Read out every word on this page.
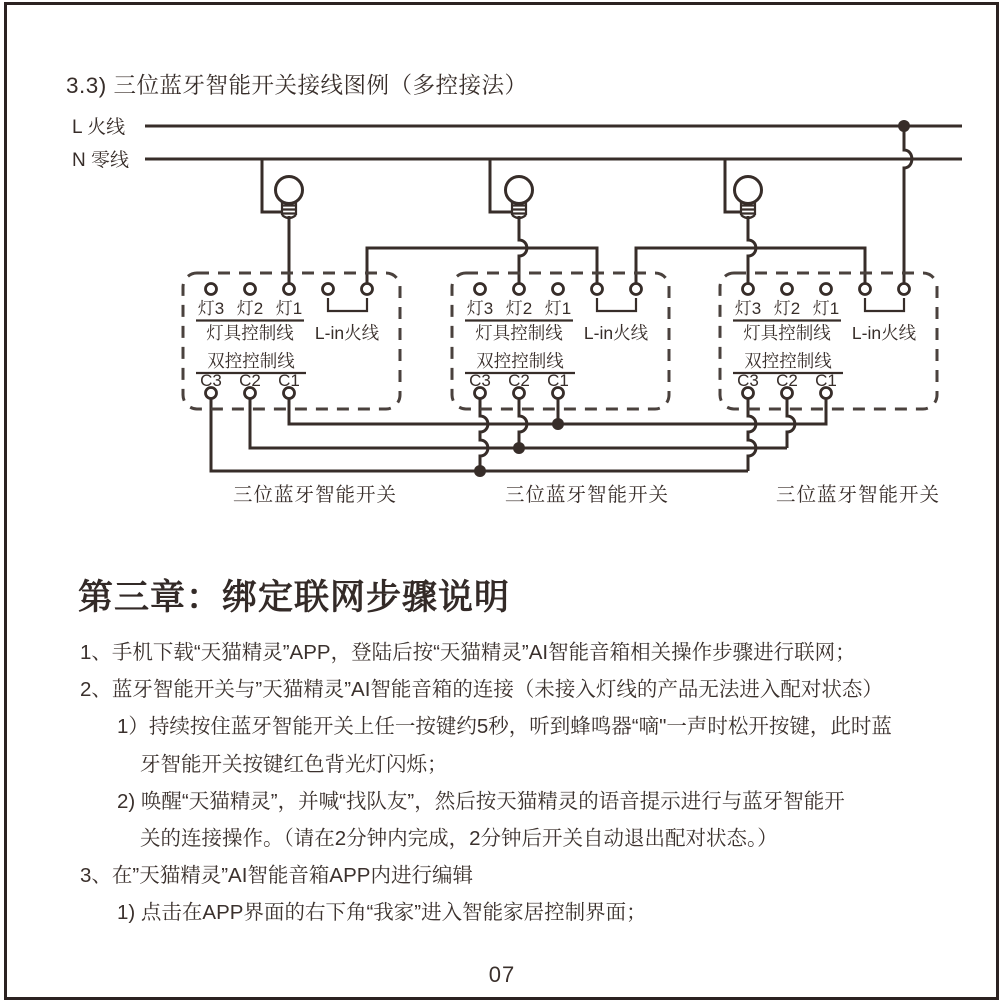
3.3) 三位蓝牙智能开关接线图例（多控接法）
L 火线
N 零线
灯3 灯2 灯1
灯具控制线 L-in火线
双控控制线
C3 C2 C1
灯3 灯2 灯1
灯具控制线 L-in火线
双控控制线
C3 C2 C1
灯3 灯2 灯1
灯具控制线 L-in火线
双控控制线
C3 C2 C1
三位蓝牙智能开关	三位蓝牙智能开关	三位蓝牙智能开关
第三章：绑定联网步骤说明
1、手机下载“天猫精灵”APP，登陆后按“天猫精灵”AI智能音箱相关操作步骤进行联网；
2、蓝牙智能开关与”天猫精灵”AI智能音箱的连接（未接入灯线的产品无法进入配对状态）
1）持续按住蓝牙智能开关上任一按键约5秒，听到蜂鸣器“嘀"一声时松开按键，此时蓝
牙智能开关按键红色背光灯闪烁；
2) 唤醒“天猫精灵”，并喊“找队友”，然后按天猫精灵的语音提示进行与蓝牙智能开
关的连接操作。（请在2分钟内完成，2分钟后开关自动退出配对状态。）
3、在”天猫精灵”AI智能音箱APP内进行编辑
1) 点击在APP界面的右下角“我家”进入智能家居控制界面；
07
